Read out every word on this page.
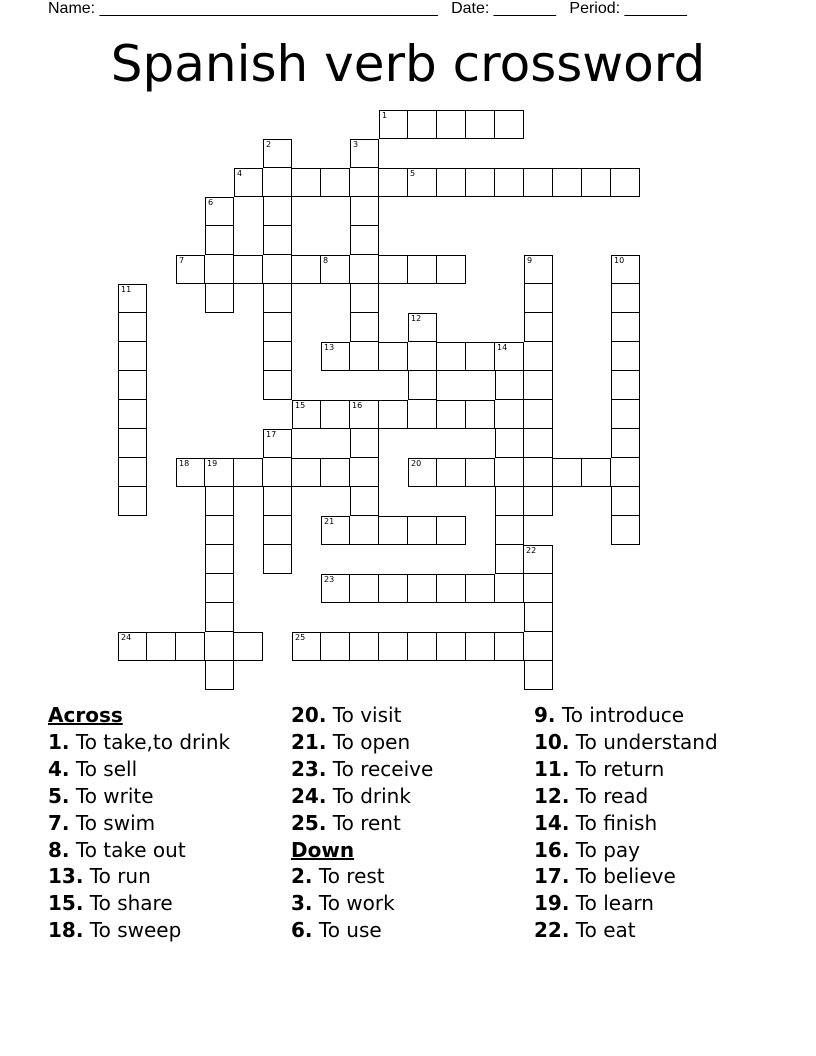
Name: ______________________________________ Date: _______ Period: _______
Spanish verb crossword
1
2	3
4	5
6
7	8	9	10
11
12
13	14
15	16
17
18 19	20
21
22
23
24	25
Across
1. To take,to drink
4. To sell
5. To write
7. To swim
8. To take out
13. To run
15. To share
18. To sweep
20. To visit
21. To open
23. To receive
24. To drink
25. To rent
Down
2. To rest
3. To work
6. To use
9. To introduce
10. To understand
11. To return
12. To read
14. To finish
16. To pay
17. To believe
19. To learn
22. To eat
